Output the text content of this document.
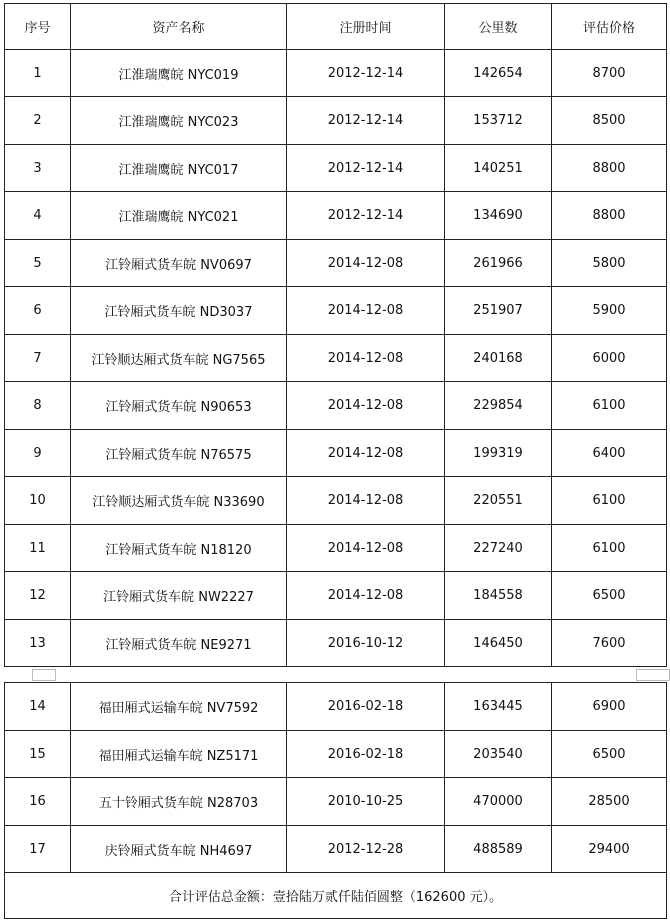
序号	资产名称	注册时间	公里数	评估价格
1	江淮瑞鹰皖 NYC019	2012-12-14	142654	8700
2	江淮瑞鹰皖 NYC023	2012-12-14	153712	8500
3	江淮瑞鹰皖 NYC017	2012-12-14	140251	8800
4	江淮瑞鹰皖 NYC021	2012-12-14	134690	8800
5	江铃厢式货车皖 NV0697	2014-12-08	261966	5800
6	江铃厢式货车皖 ND3037	2014-12-08	251907	5900
7	江铃顺达厢式货车皖 NG7565	2014-12-08	240168	6000
8	江铃厢式货车皖 N90653	2014-12-08	229854	6100
9	江铃厢式货车皖 N76575	2014-12-08	199319	6400
10	江铃顺达厢式货车皖 N33690	2014-12-08	220551	6100
11	江铃厢式货车皖 N18120	2014-12-08	227240	6100
12	江铃厢式货车皖 NW2227	2014-12-08	184558	6500
13	江铃厢式货车皖 NE9271	2016-10-12	146450	7600
14	福田厢式运输车皖 NV7592	2016-02-18	163445	6900
15	福田厢式运输车皖 NZ5171	2016-02-18	203540	6500
16	五十铃厢式货车皖 N28703	2010-10-25	470000	28500
17	庆铃厢式货车皖 NH4697	2012-12-28	488589	29400
合计评估总金额：壹拾陆万贰仟陆佰圆整（162600 元）。				
